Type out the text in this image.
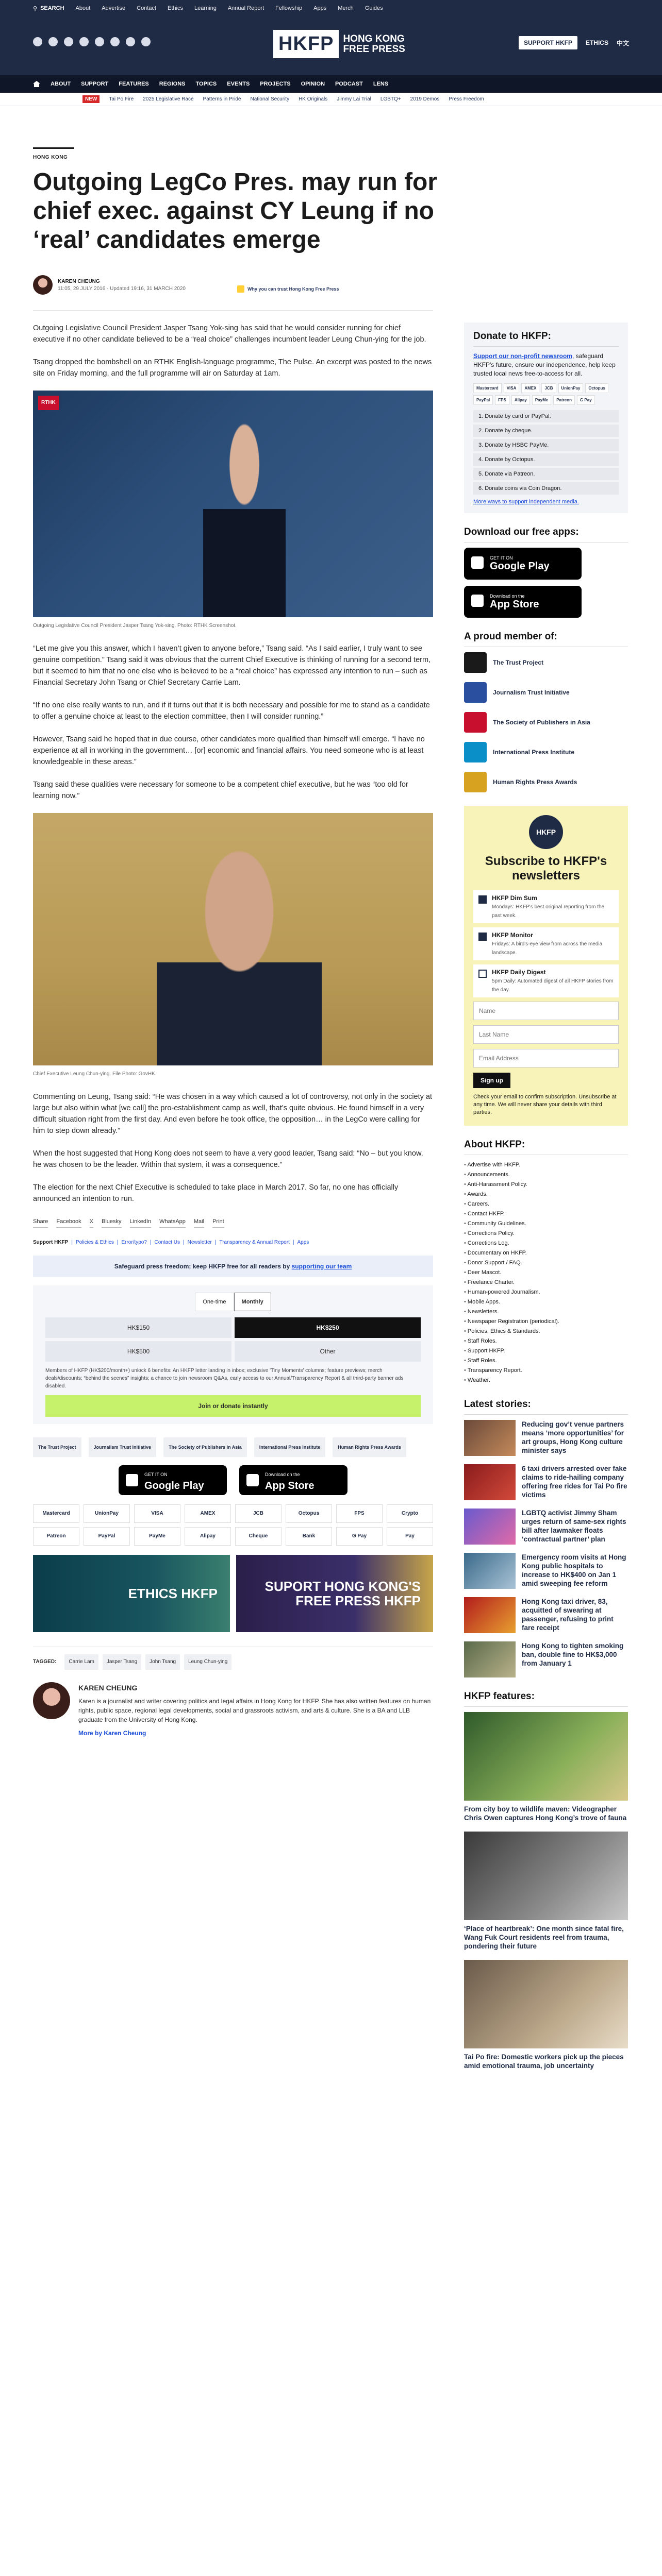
⚲ SEARCH About Advertise Contact Ethics Learning Annual Report Fellowship Apps Merch Guides
HKFP HONG KONG
FREE PRESS
SUPPORT HKFP	ETHICS 中文
ABOUT SUPPORT FEATURES REGIONS TOPICS EVENTS PROJECTS OPINION PODCAST LENS
NEW	Tai Po Fire 2025 Legislative Race Patterns in Pride National Security HK Originals Jimmy Lai Trial LGBTQ+ 2019 Demos Press Freedom
HONG KONG
Outgoing LegCo Pres. may run for chief exec. against CY Leung if no ‘real’ candidates emerge
KAREN CHEUNG
11:05, 29 JULY 2016 · Updated 19:16, 31 MARCH 2020	Why you can trust Hong Kong Free Press

Outgoing Legislative Council President Jasper Tsang Yok-sing has said that he would consider running for chief executive if no other candidate believed to be a “real choice” challenges incumbent leader Leung Chun-ying for the job.

Tsang dropped the bombshell on an RTHK English-language programme, The Pulse. An excerpt was posted to the news site on Friday morning, and the full programme will air on Saturday at 1am.

RTHK
Outgoing Legislative Council President Jasper Tsang Yok-sing. Photo: RTHK Screenshot.

“Let me give you this answer, which I haven’t given to anyone before,” Tsang said. “As I said earlier, I truly want to see genuine competition.” Tsang said it was obvious that the current Chief Executive is thinking of running for a second term, but it seemed to him that no one else who is believed to be a “real choice” has expressed any intention to run – such as Financial Secretary John Tsang or Chief Secretary Carrie Lam.

“If no one else really wants to run, and if it turns out that it is both necessary and possible for me to stand as a candidate to offer a genuine choice at least to the election committee, then I will consider running.”

However, Tsang said he hoped that in due course, other candidates more qualified than himself will emerge. “I have no experience at all in working in the government… [or] economic and financial affairs. You need someone who is at least knowledgeable in these areas.”

Tsang said these qualities were necessary for someone to be a competent chief executive, but he was “too old for learning now.”

Chief Executive Leung Chun-ying. File Photo: GovHK.

Commenting on Leung, Tsang said: “He was chosen in a way which caused a lot of controversy, not only in the society at large but also within what [we call] the pro-establishment camp as well, that’s quite obvious. He found himself in a very difficult situation right from the first day. And even before he took office, the opposition… in the LegCo were calling for him to step down already.”

When the host suggested that Hong Kong does not seem to have a very good leader, Tsang said: “No – but you know, he was chosen to be the leader. Within that system, it was a consequence.”

The election for the next Chief Executive is scheduled to take place in March 2017. So far, no one has officially announced an intention to run.

Share Facebook X Bluesky LinkedIn WhatsApp Mail Print
Support HKFP | Policies & Ethics | Error/typo? | Contact Us | Newsletter | Transparency & Annual Report | Apps
Safeguard press freedom; keep HKFP free for all readers by supporting our team
One-time	Monthly
HK$150	HK$250
HK$500	Other
Members of HKFP (HK$200/month+) unlock 6 benefits: An HKFP letter landing in inbox; exclusive 'Tiny Moments' columns; feature previews; merch deals/discounts; “behind the scenes” insights; a chance to join newsroom Q&As, early access to our Annual/Transparency Report & all third-party banner ads disabled.
Join or donate instantly
The Trust Project	Journalism Trust Initiative	The Society of Publishers in Asia	International Press Institute	Human Rights Press Awards
GET IT ON
Google Play
Download on the
App Store
Mastercard	UnionPay	VISA	AMEX	JCB	Octopus	FPS	Crypto
Patreon	PayPal	PayMe	Alipay	Cheque	Bank	G Pay	Pay
ETHICS HKFP	SUPORT HONG KONG'S FREE PRESS HKFP
TAGGED:	Carrie Lam	Jasper Tsang	John Tsang	Leung Chun-ying
KAREN CHEUNG

Karen is a journalist and writer covering politics and legal affairs in Hong Kong for HKFP. She has also written features on human rights, public space, regional legal developments, social and grassroots activism, and arts & culture. She is a BA and LLB graduate from the University of Hong Kong.

More by Karen Cheung
Donate to HKFP:

Support our non-profit newsroom, safeguard HKFP's future, ensure our independence, help keep trusted local news free-to-access for all.

Mastercard	VISA	AMEX	JCB	UnionPay	Octopus
PayPal	FPS	Alipay	PayMe	Patreon	G Pay
1. Donate by card or PayPal.
2. Donate by cheque.
3. Donate by HSBC PayMe.
4. Donate by Octopus.
5. Donate via Patreon.
6. Donate coins via Coin Dragon.
More ways to support independent media.
Download our free apps:
GET IT ON
Google Play
Download on the
App Store
A proud member of:
The Trust Project
Journalism Trust Initiative
The Society of Publishers in Asia
International Press Institute
Human Rights Press Awards
HKFP
Subscribe to HKFP's newsletters
HKFP Dim Sum
Mondays: HKFP's best original reporting from the past week.
HKFP Monitor
Fridays: A bird's-eye view from across the media landscape.
HKFP Daily Digest
5pm Daily: Automated digest of all HKFP stories from the day.
Name Last Name Email Address Sign up
Check your email to confirm subscription. Unsubscribe at any time. We will never share your details with third parties.
About HKFP:
• Advertise with HKFP.
• Announcements.
• Anti-Harassment Policy.
• Awards.
• Careers.
• Contact HKFP.
• Community Guidelines.
• Corrections Policy.
• Corrections Log.
• Documentary on HKFP.
• Donor Support / FAQ.
• Deer Mascot.
• Freelance Charter.
• Human-powered Journalism.
• Mobile Apps.
• Newsletters.
• Newspaper Registration (periodical).
• Policies, Ethics & Standards.
• Staff Roles.
• Support HKFP.
• Staff Roles.
• Transparency Report.
• Weather.
Latest stories:

Reducing gov’t venue partners means ‘more opportunities’ for art groups, Hong Kong culture minister says

6 taxi drivers arrested over fake claims to ride-hailing company offering free rides for Tai Po fire victims

LGBTQ activist Jimmy Sham urges return of same-sex rights bill after lawmaker floats ‘contractual partner’ plan

Emergency room visits at Hong Kong public hospitals to increase to HK$400 on Jan 1 amid sweeping fee reform

Hong Kong taxi driver, 83, acquitted of swearing at passenger, refusing to print fare receipt

Hong Kong to tighten smoking ban, double fine to HK$3,000 from January 1

HKFP features:

From city boy to wildlife maven: Videographer Chris Owen captures Hong Kong’s trove of fauna

‘Place of heartbreak’: One month since fatal fire, Wang Fuk Court residents reel from trauma, pondering their future

Tai Po fire: Domestic workers pick up the pieces amid emotional trauma, job uncertainty
